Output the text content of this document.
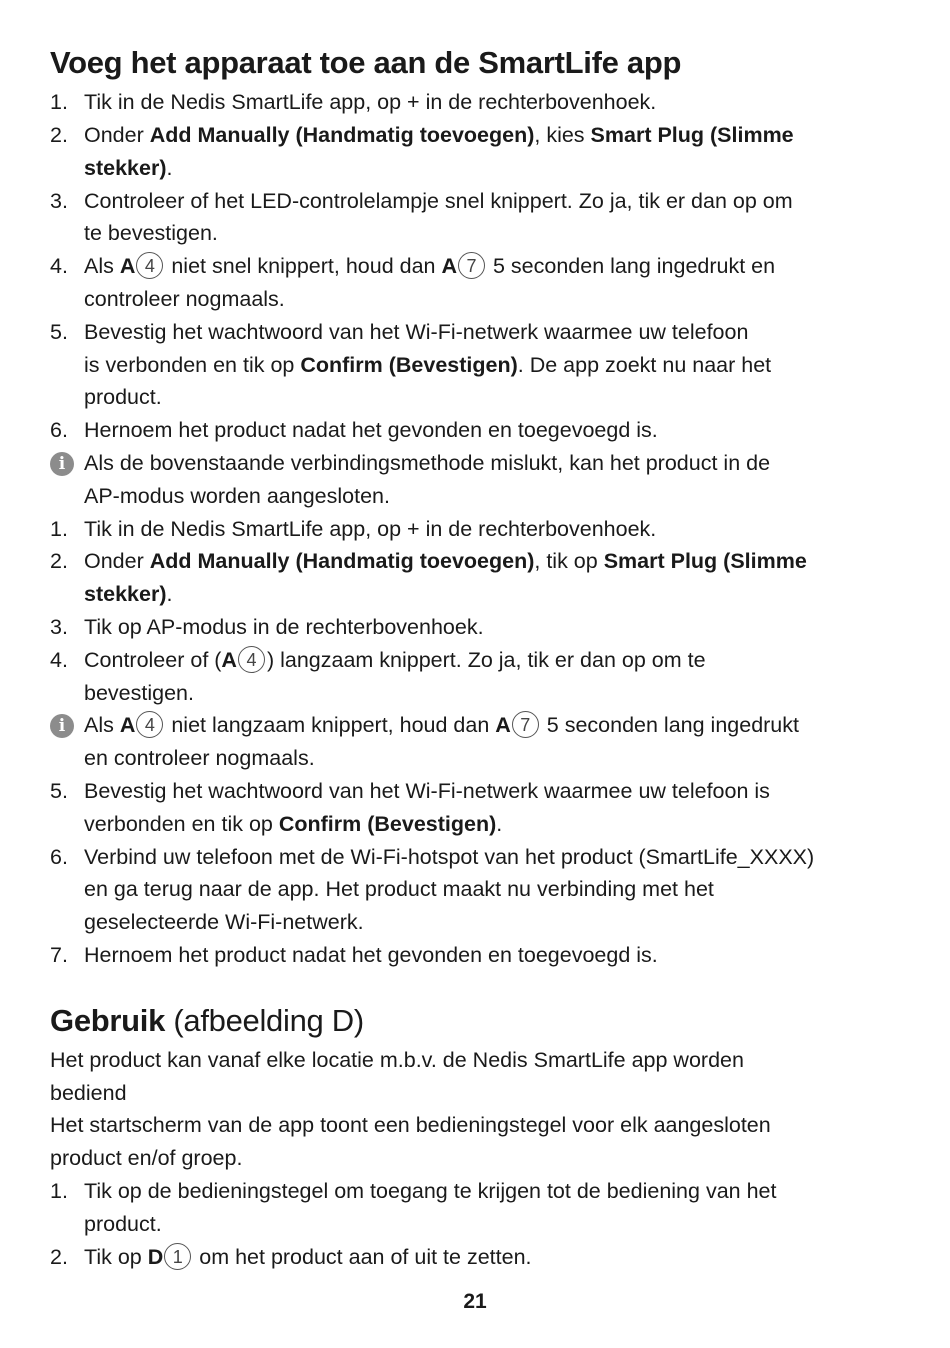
Voeg het apparaat toe aan de SmartLife app

1. Tik in de Nedis SmartLife app, op + in de rechterbovenhoek.

2. Onder Add Manually (Handmatig toevoegen), kies Smart Plug (Slimme

stekker).

3. Controleer of het LED-controlelampje snel knippert. Zo ja, tik er dan op om

te bevestigen.

4. Als A 4 niet snel knippert, houd dan A 7 5 seconden lang ingedrukt en

controleer nogmaals.

5. Bevestig het wachtwoord van het Wi-Fi-netwerk waarmee uw telefoon

is verbonden en tik op Confirm (Bevestigen). De app zoekt nu naar het

product.

6. Hernoem het product nadat het gevonden en toegevoegd is.

i Als de bovenstaande verbindingsmethode mislukt, kan het product in de

AP-modus worden aangesloten.

1. Tik in de Nedis SmartLife app, op + in de rechterbovenhoek.

2. Onder Add Manually (Handmatig toevoegen), tik op Smart Plug (Slimme

stekker).

3. Tik op AP-modus in de rechterbovenhoek.

4. Controleer of (A 4 ) langzaam knippert. Zo ja, tik er dan op om te

bevestigen.

i Als A 4 niet langzaam knippert, houd dan A 7 5 seconden lang ingedrukt

en controleer nogmaals.

5. Bevestig het wachtwoord van het Wi-Fi-netwerk waarmee uw telefoon is

verbonden en tik op Confirm (Bevestigen).

6. Verbind uw telefoon met de Wi-Fi-hotspot van het product (SmartLife_XXXX)

en ga terug naar de app. Het product maakt nu verbinding met het

geselecteerde Wi-Fi-netwerk.

7. Hernoem het product nadat het gevonden en toegevoegd is.

Gebruik (afbeelding D)

Het product kan vanaf elke locatie m.b.v. de Nedis SmartLife app worden

bediend

Het startscherm van de app toont een bedieningstegel voor elk aangesloten

product en/of groep.

1. Tik op de bedieningstegel om toegang te krijgen tot de bediening van het

product.

2. Tik op D 1 om het product aan of uit te zetten.

21
